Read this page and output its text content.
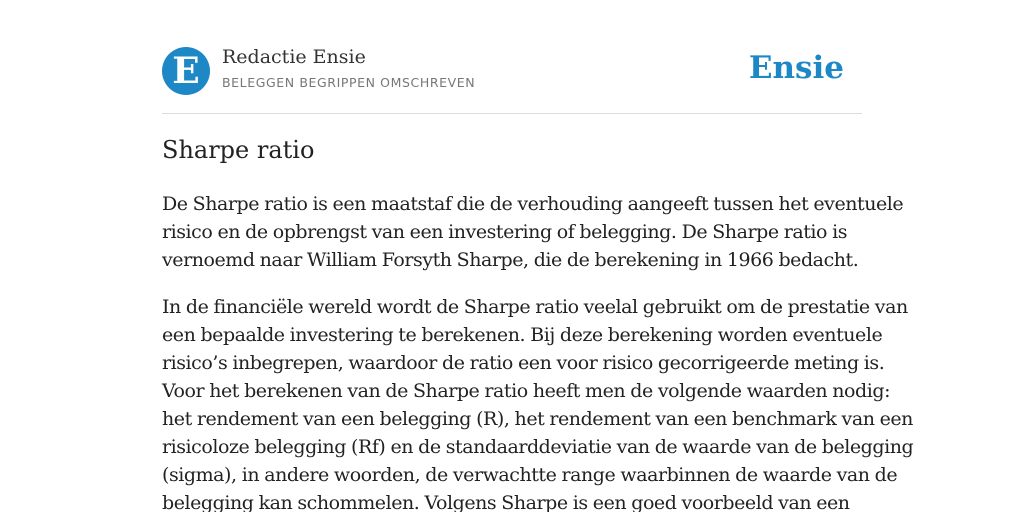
E	Redactie Ensie
BELEGGEN BEGRIPPEN OMSCHREVEN	Ensie
Sharpe ratio

De Sharpe ratio is een maatstaf die de verhouding aangeeft tussen het eventuele
risico en de opbrengst van een investering of belegging. De Sharpe ratio is
vernoemd naar William Forsyth Sharpe, die de berekening in 1966 bedacht.

In de financiële wereld wordt de Sharpe ratio veelal gebruikt om de prestatie van
een bepaalde investering te berekenen. Bij deze berekening worden eventuele
risico’s inbegrepen, waardoor de ratio een voor risico gecorrigeerde meting is.
Voor het berekenen van de Sharpe ratio heeft men de volgende waarden nodig:
het rendement van een belegging (R), het rendement van een benchmark van een
risicoloze belegging (Rf) en de standaarddeviatie van de waarde van de belegging
(sigma), in andere woorden, de verwachtte range waarbinnen de waarde van de
belegging kan schommelen. Volgens Sharpe is een goed voorbeeld van een
